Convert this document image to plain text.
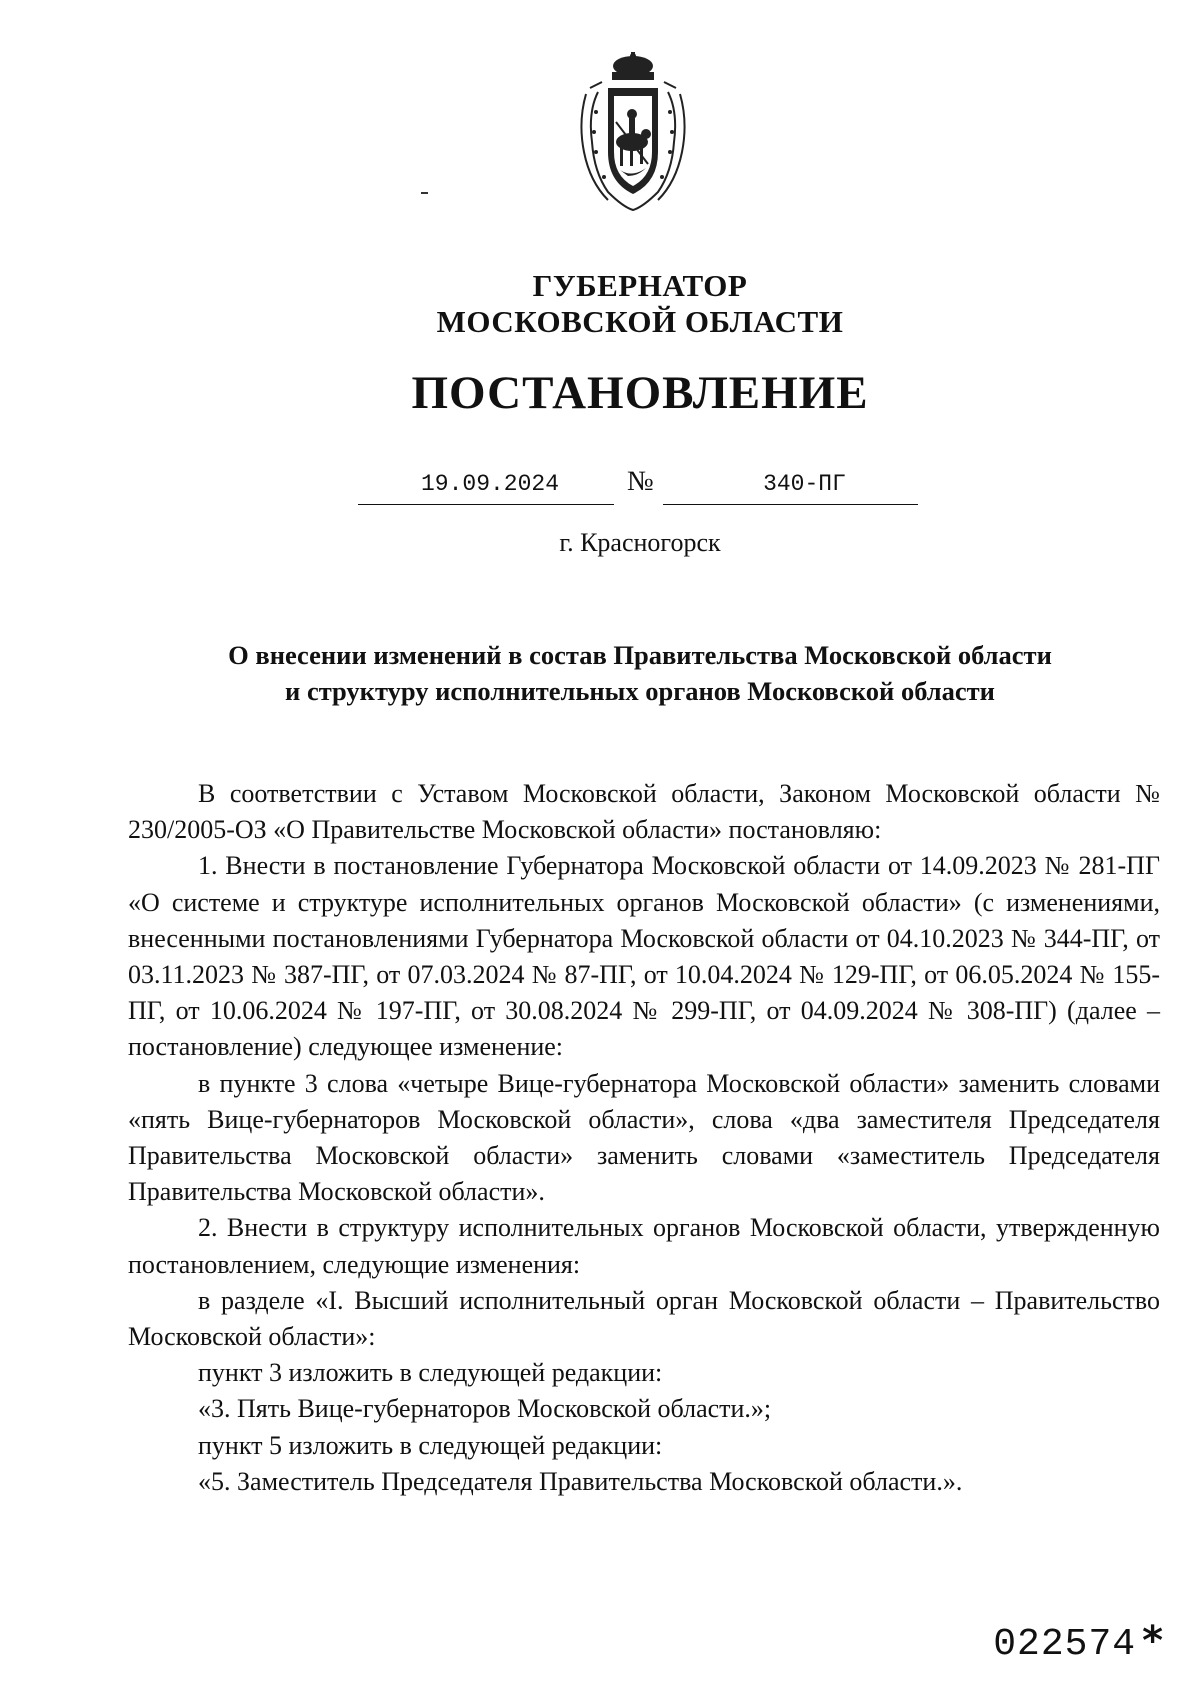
ГУБЕРНАТОР
МОСКОВСКОЙ ОБЛАСТИ
ПОСТАНОВЛЕНИЕ
19.09.2024	№	340-ПГ
г. Красногорск
О внесении изменений в состав Правительства Московской области
и структуру исполнительных органов Московской области

В соответствии с Уставом Московской области, Законом Московской области № 230/2005-ОЗ «О Правительстве Московской области» постановляю:

1. Внести в постановление Губернатора Московской области от 14.09.2023 № 281-ПГ «О системе и структуре исполнительных органов Московской области» (с изменениями, внесенными постановлениями Губернатора Московской области от 04.10.2023 № 344-ПГ, от 03.11.2023 № 387-ПГ, от 07.03.2024 № 87-ПГ, от 10.04.2024 № 129-ПГ, от 06.05.2024 № 155-ПГ, от 10.06.2024 № 197-ПГ, от 30.08.2024 № 299-ПГ, от 04.09.2024 № 308-ПГ) (далее – постановление) следующее изменение:

в пункте 3 слова «четыре Вице-губернатора Московской области» заменить словами «пять Вице-губернаторов Московской области», слова «два заместителя Председателя Правительства Московской области» заменить словами «заместитель Председателя Правительства Московской области».

2. Внести в структуру исполнительных органов Московской области, утвержденную постановлением, следующие изменения:

в разделе «I. Высший исполнительный орган Московской области – Правительство Московской области»:

пункт 3 изложить в следующей редакции:

«3. Пять Вице-губернаторов Московской области.»;

пункт 5 изложить в следующей редакции:

«5. Заместитель Председателя Правительства Московской области.».

022574 *
